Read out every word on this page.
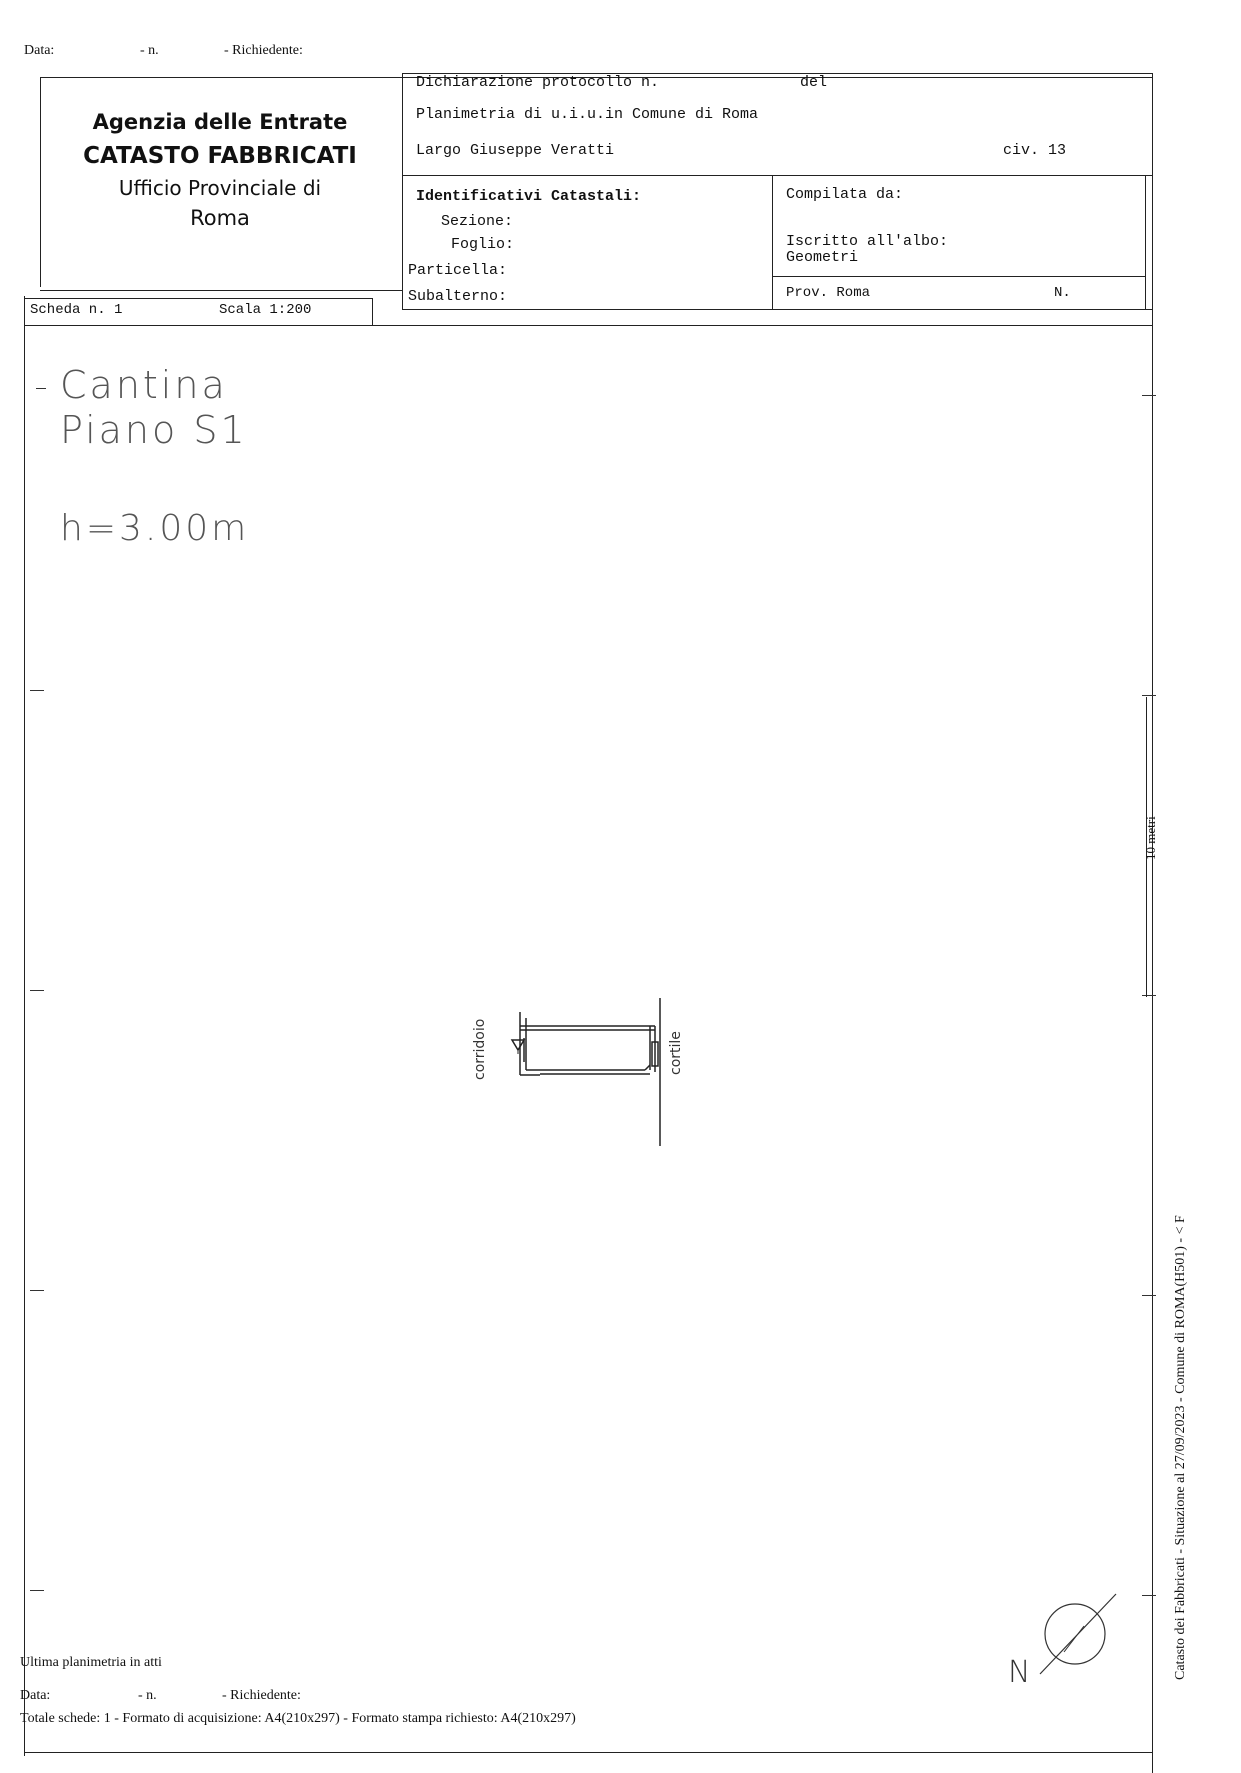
Data:	- n.	- Richiedente:
Agenzia delle Entrate
CATASTO FABBRICATI
Ufficio Provinciale di
Roma
Dichiarazione protocollo n.	del
Planimetria di u.i.u.in Comune di Roma
Largo Giuseppe Veratti	civ. 13
Identificativi Catastali:
Sezione:
Foglio:
Particella:
Subalterno:
Compilata da:
Iscritto all'albo:
Geometri
Prov. Roma	N.
Scheda n. 1	Scala 1:200
Cantina
Piano S1
h=3.00m
10 metri
Catasto dei Fabbricati - Situazione al 27/09/2023 - Comune di ROMA(H501) - < F
corridoio	cortile
N
Ultima planimetria in atti
Data:	- n.	- Richiedente:
Totale schede: 1 - Formato di acquisizione: A4(210x297) - Formato stampa richiesto: A4(210x297)
